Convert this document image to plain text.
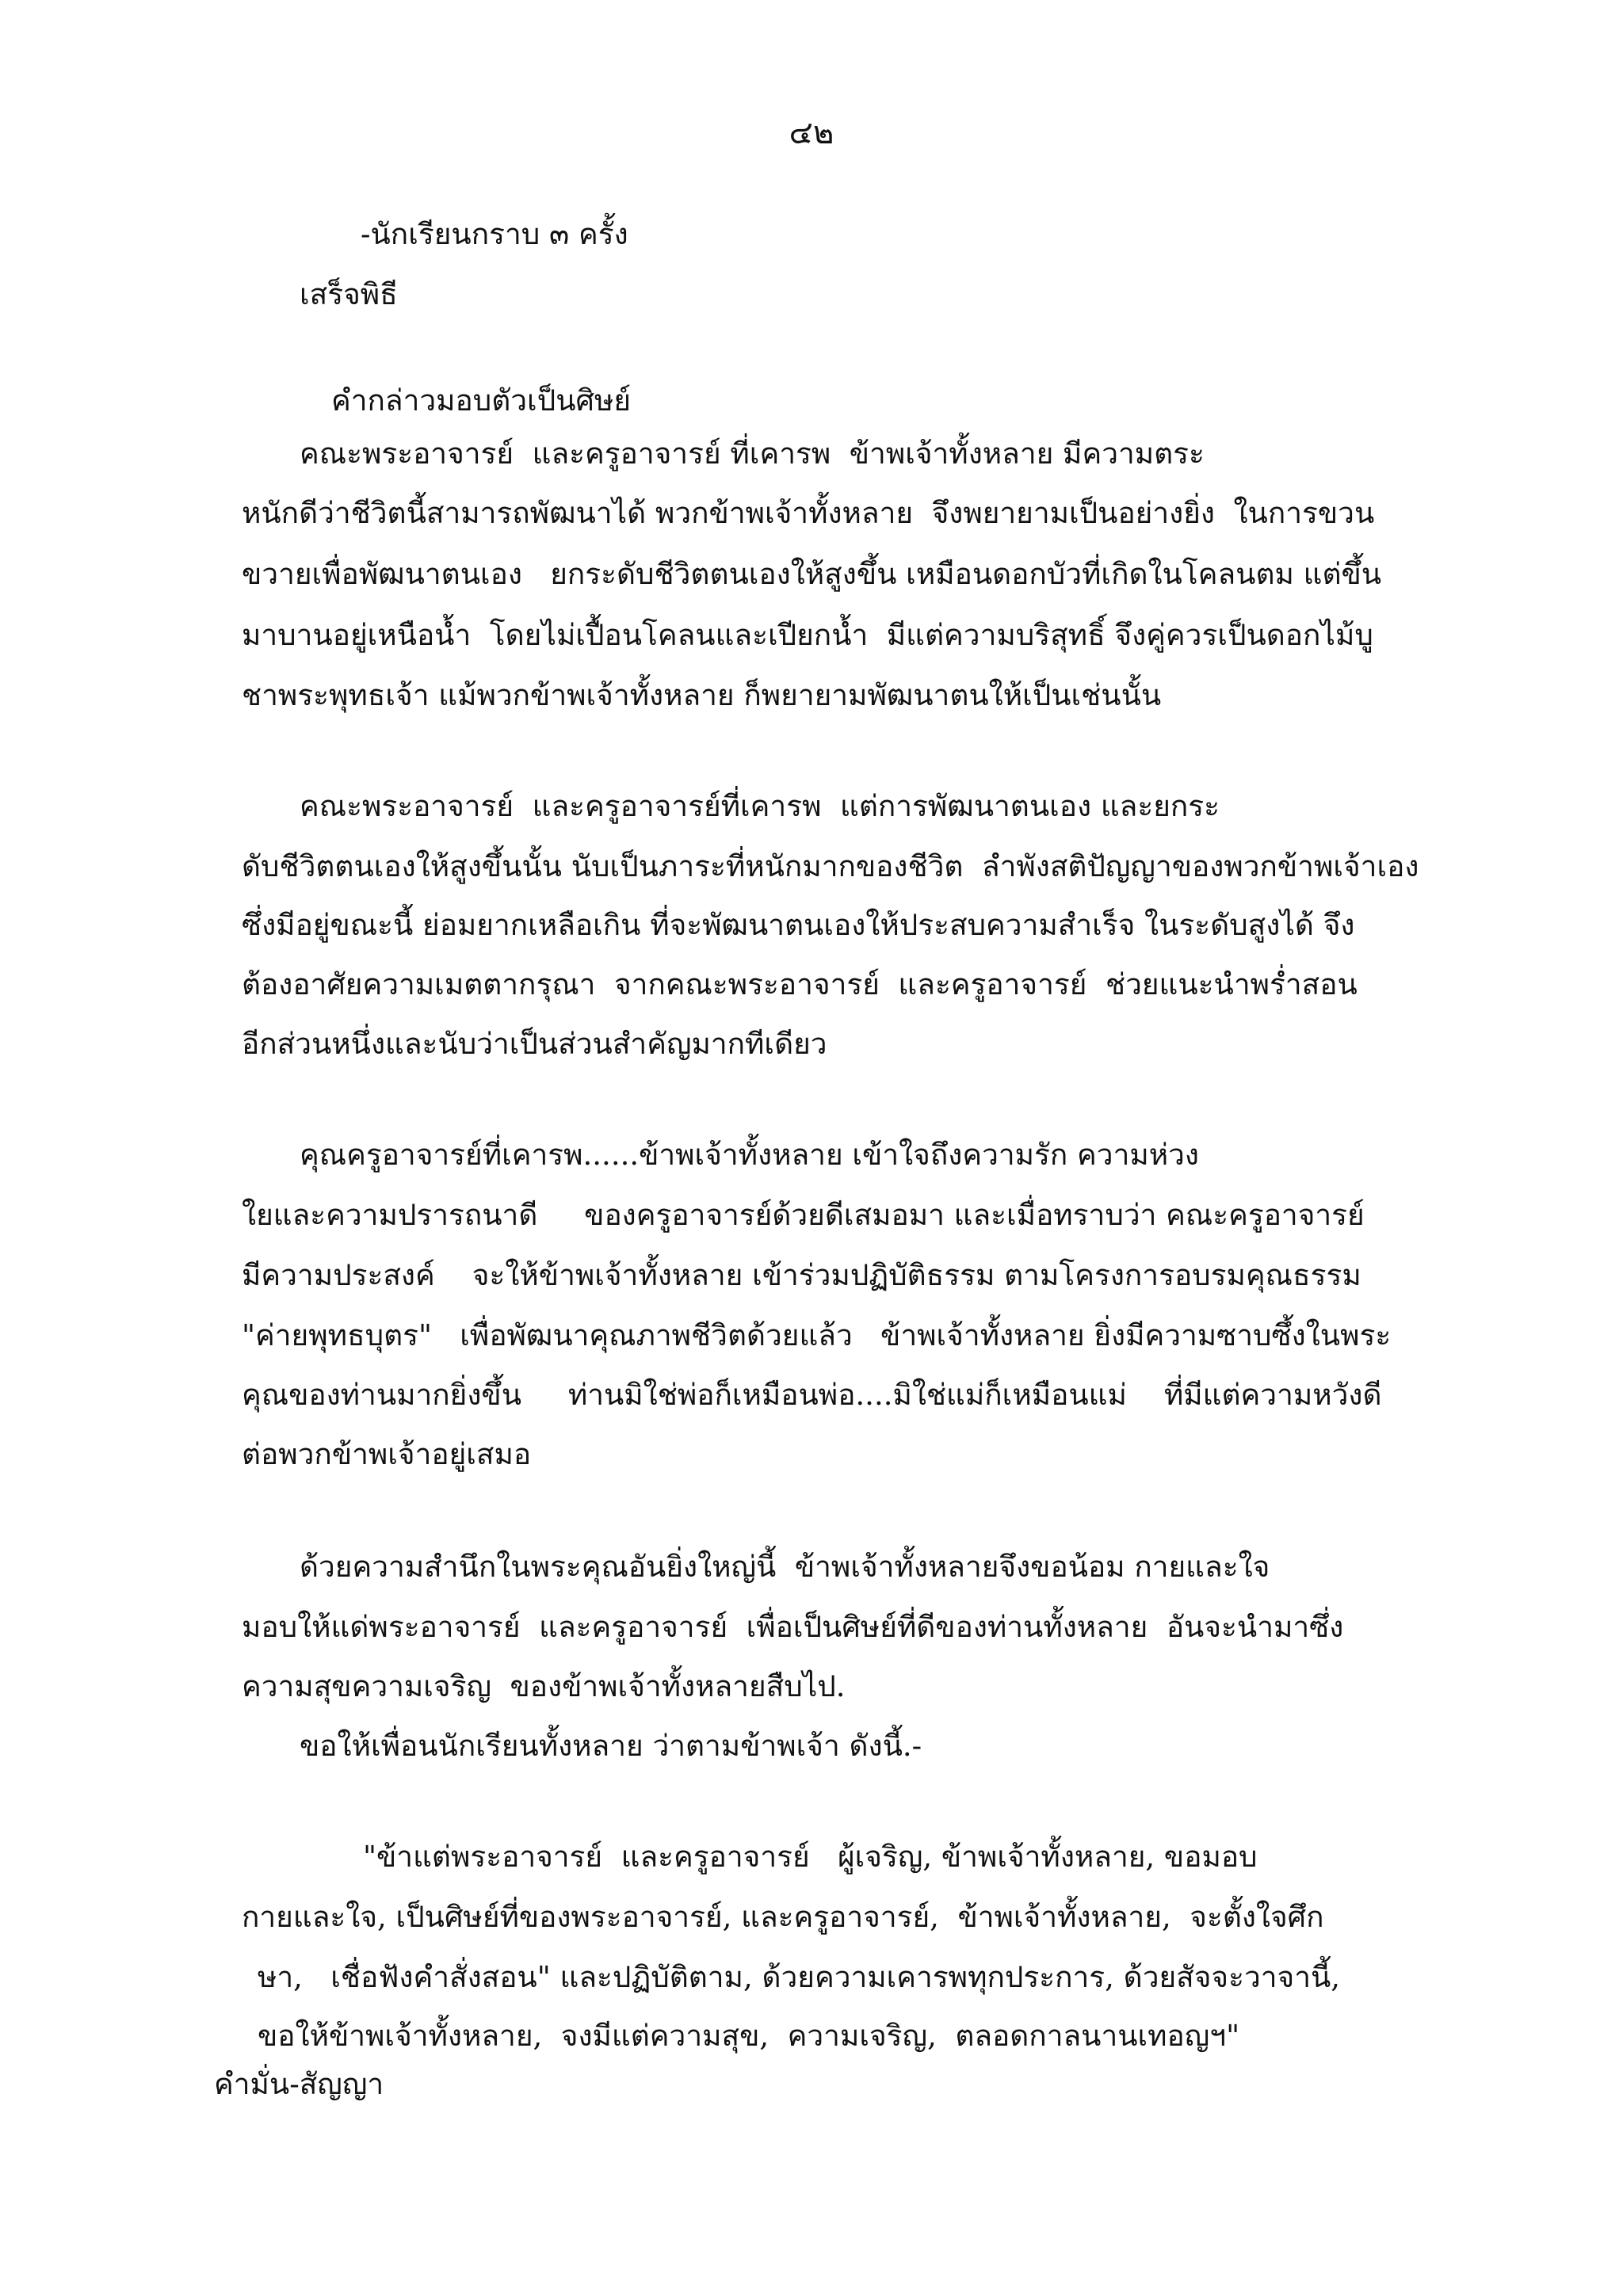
๔๒
-นักเรียนกราบ ๓ ครั้ง
เสร็จพิธี
คำกล่าวมอบตัวเป็นศิษย์
คณะพระอาจารย์  และครูอาจารย์ ที่เคารพ  ข้าพเจ้าทั้งหลาย มีความตระ
หนักดีว่าชีวิตนี้สามารถพัฒนาได้ พวกข้าพเจ้าทั้งหลาย  จึงพยายามเป็นอย่างยิ่ง  ในการขวน
ขวายเพื่อพัฒนาตนเอง   ยกระดับชีวิตตนเองให้สูงขึ้น เหมือนดอกบัวที่เกิดในโคลนตม แต่ขึ้น
มาบานอยู่เหนือน้ำ  โดยไม่เปื้อนโคลนและเปียกน้ำ  มีแต่ความบริสุทธิ์ จึงคู่ควรเป็นดอกไม้บู
ชาพระพุทธเจ้า แม้พวกข้าพเจ้าทั้งหลาย ก็พยายามพัฒนาตนให้เป็นเช่นนั้น
คณะพระอาจารย์  และครูอาจารย์ที่เคารพ  แต่การพัฒนาตนเอง และยกระ
ดับชีวิตตนเองให้สูงขึ้นนั้น นับเป็นภาระที่หนักมากของชีวิต  ลำพังสติปัญญาของพวกข้าพเจ้าเอง
ซึ่งมีอยู่ขณะนี้ ย่อมยากเหลือเกิน ที่จะพัฒนาตนเองให้ประสบความสำเร็จ ในระดับสูงได้ จึง
ต้องอาศัยความเมตตากรุณา  จากคณะพระอาจารย์  และครูอาจารย์  ช่วยแนะนำพร่ำสอน
อีกส่วนหนึ่งและนับว่าเป็นส่วนสำคัญมากทีเดียว
คุณครูอาจารย์ที่เคารพ......ข้าพเจ้าทั้งหลาย เข้าใจถึงความรัก ความห่วง
ใยและความปรารถนาดี     ของครูอาจารย์ด้วยดีเสมอมา และเมื่อทราบว่า คณะครูอาจารย์
มีความประสงค์    จะให้ข้าพเจ้าทั้งหลาย เข้าร่วมปฏิบัติธรรม ตามโครงการอบรมคุณธรรม
"ค่ายพุทธบุตร"   เพื่อพัฒนาคุณภาพชีวิตด้วยแล้ว   ข้าพเจ้าทั้งหลาย ยิ่งมีความซาบซึ้งในพระ
คุณของท่านมากยิ่งขึ้น     ท่านมิใช่พ่อก็เหมือนพ่อ....มิใช่แม่ก็เหมือนแม่    ที่มีแต่ความหวังดี
ต่อพวกข้าพเจ้าอยู่เสมอ
ด้วยความสำนึกในพระคุณอันยิ่งใหญ่นี้  ข้าพเจ้าทั้งหลายจึงขอน้อม กายและใจ
มอบให้แด่พระอาจารย์  และครูอาจารย์  เพื่อเป็นศิษย์ที่ดีของท่านทั้งหลาย  อันจะนำมาซึ่ง
ความสุขความเจริญ  ของข้าพเจ้าทั้งหลายสืบไป.
ขอให้เพื่อนนักเรียนทั้งหลาย ว่าตามข้าพเจ้า ดังนี้.-
"ข้าแต่พระอาจารย์  และครูอาจารย์   ผู้เจริญ, ข้าพเจ้าทั้งหลาย, ขอมอบ
กายและใจ, เป็นศิษย์ที่ของพระอาจารย์, และครูอาจารย์,  ข้าพเจ้าทั้งหลาย,  จะตั้งใจศึก
ษา,   เชื่อฟังคำสั่งสอน" และปฏิบัติตาม, ด้วยความเคารพทุกประการ, ด้วยสัจจะวาจานี้,
ขอให้ข้าพเจ้าทั้งหลาย,  จงมีแต่ความสุข,  ความเจริญ,  ตลอดกาลนานเทอญฯ"
คำมั่น-สัญญา
